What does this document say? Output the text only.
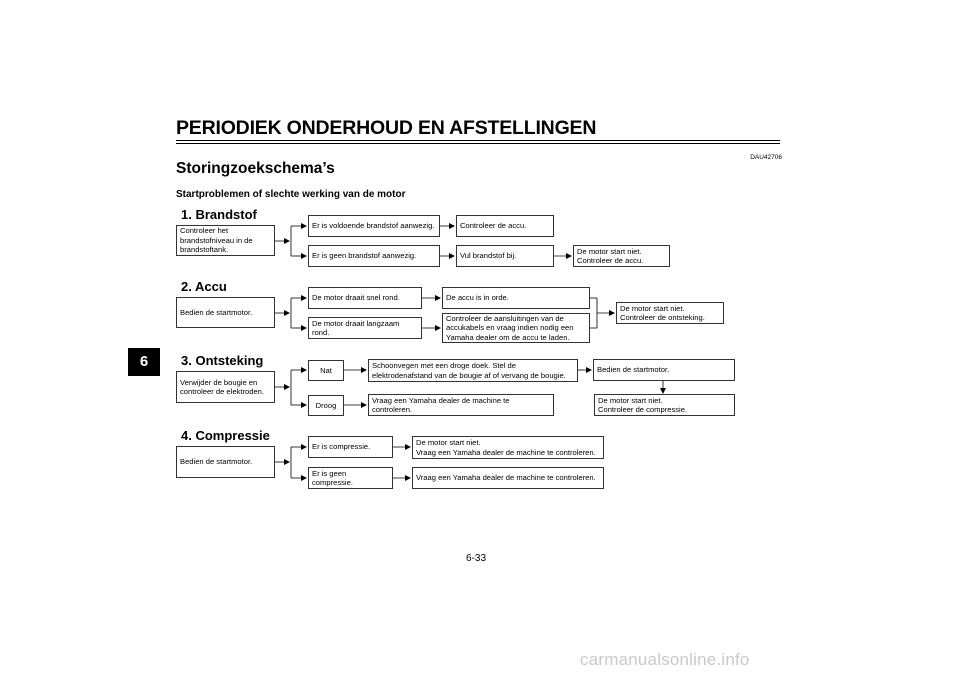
PERIODIEK ONDERHOUD EN AFSTELLINGEN
6
DAU42706
Storingzoekschema’s
Startproblemen of slechte werking van de motor
1. Brandstof
Controleer het brandstofniveau in de brandstoftank.
Er is voldoende brandstof aanwezig.	Controleer de accu.
Er is geen brandstof aanwezig.	Vul brandstof bij.
De motor start niet.
Controleer de accu.
2. Accu
Bedien de startmotor.
De motor draait snel rond.	De accu is in orde.
De motor draait langzaam rond.
Controleer de aansluitingen van de accukabels en vraag indien nodig een Yamaha dealer om de accu te laden.
De motor start niet.
Controleer de ontsteking.
3. Ontsteking
Verwijder de bougie en controleer de elektroden.
Nat
Schoonvegen met een droge doek. Stel de elektrodenafstand van de bougie af of vervang de bougie.
Bedien de startmotor.
De motor start niet.
Controleer de compressie.
Droog
Vraag een Yamaha dealer de machine te controleren.
4. Compressie
Bedien de startmotor.
Er is compressie.	De motor start niet.
Vraag een Yamaha dealer de machine te controleren.
Er is geen compressie.
Vraag een Yamaha dealer de machine te controleren.
6-33
carmanualsonline.info
